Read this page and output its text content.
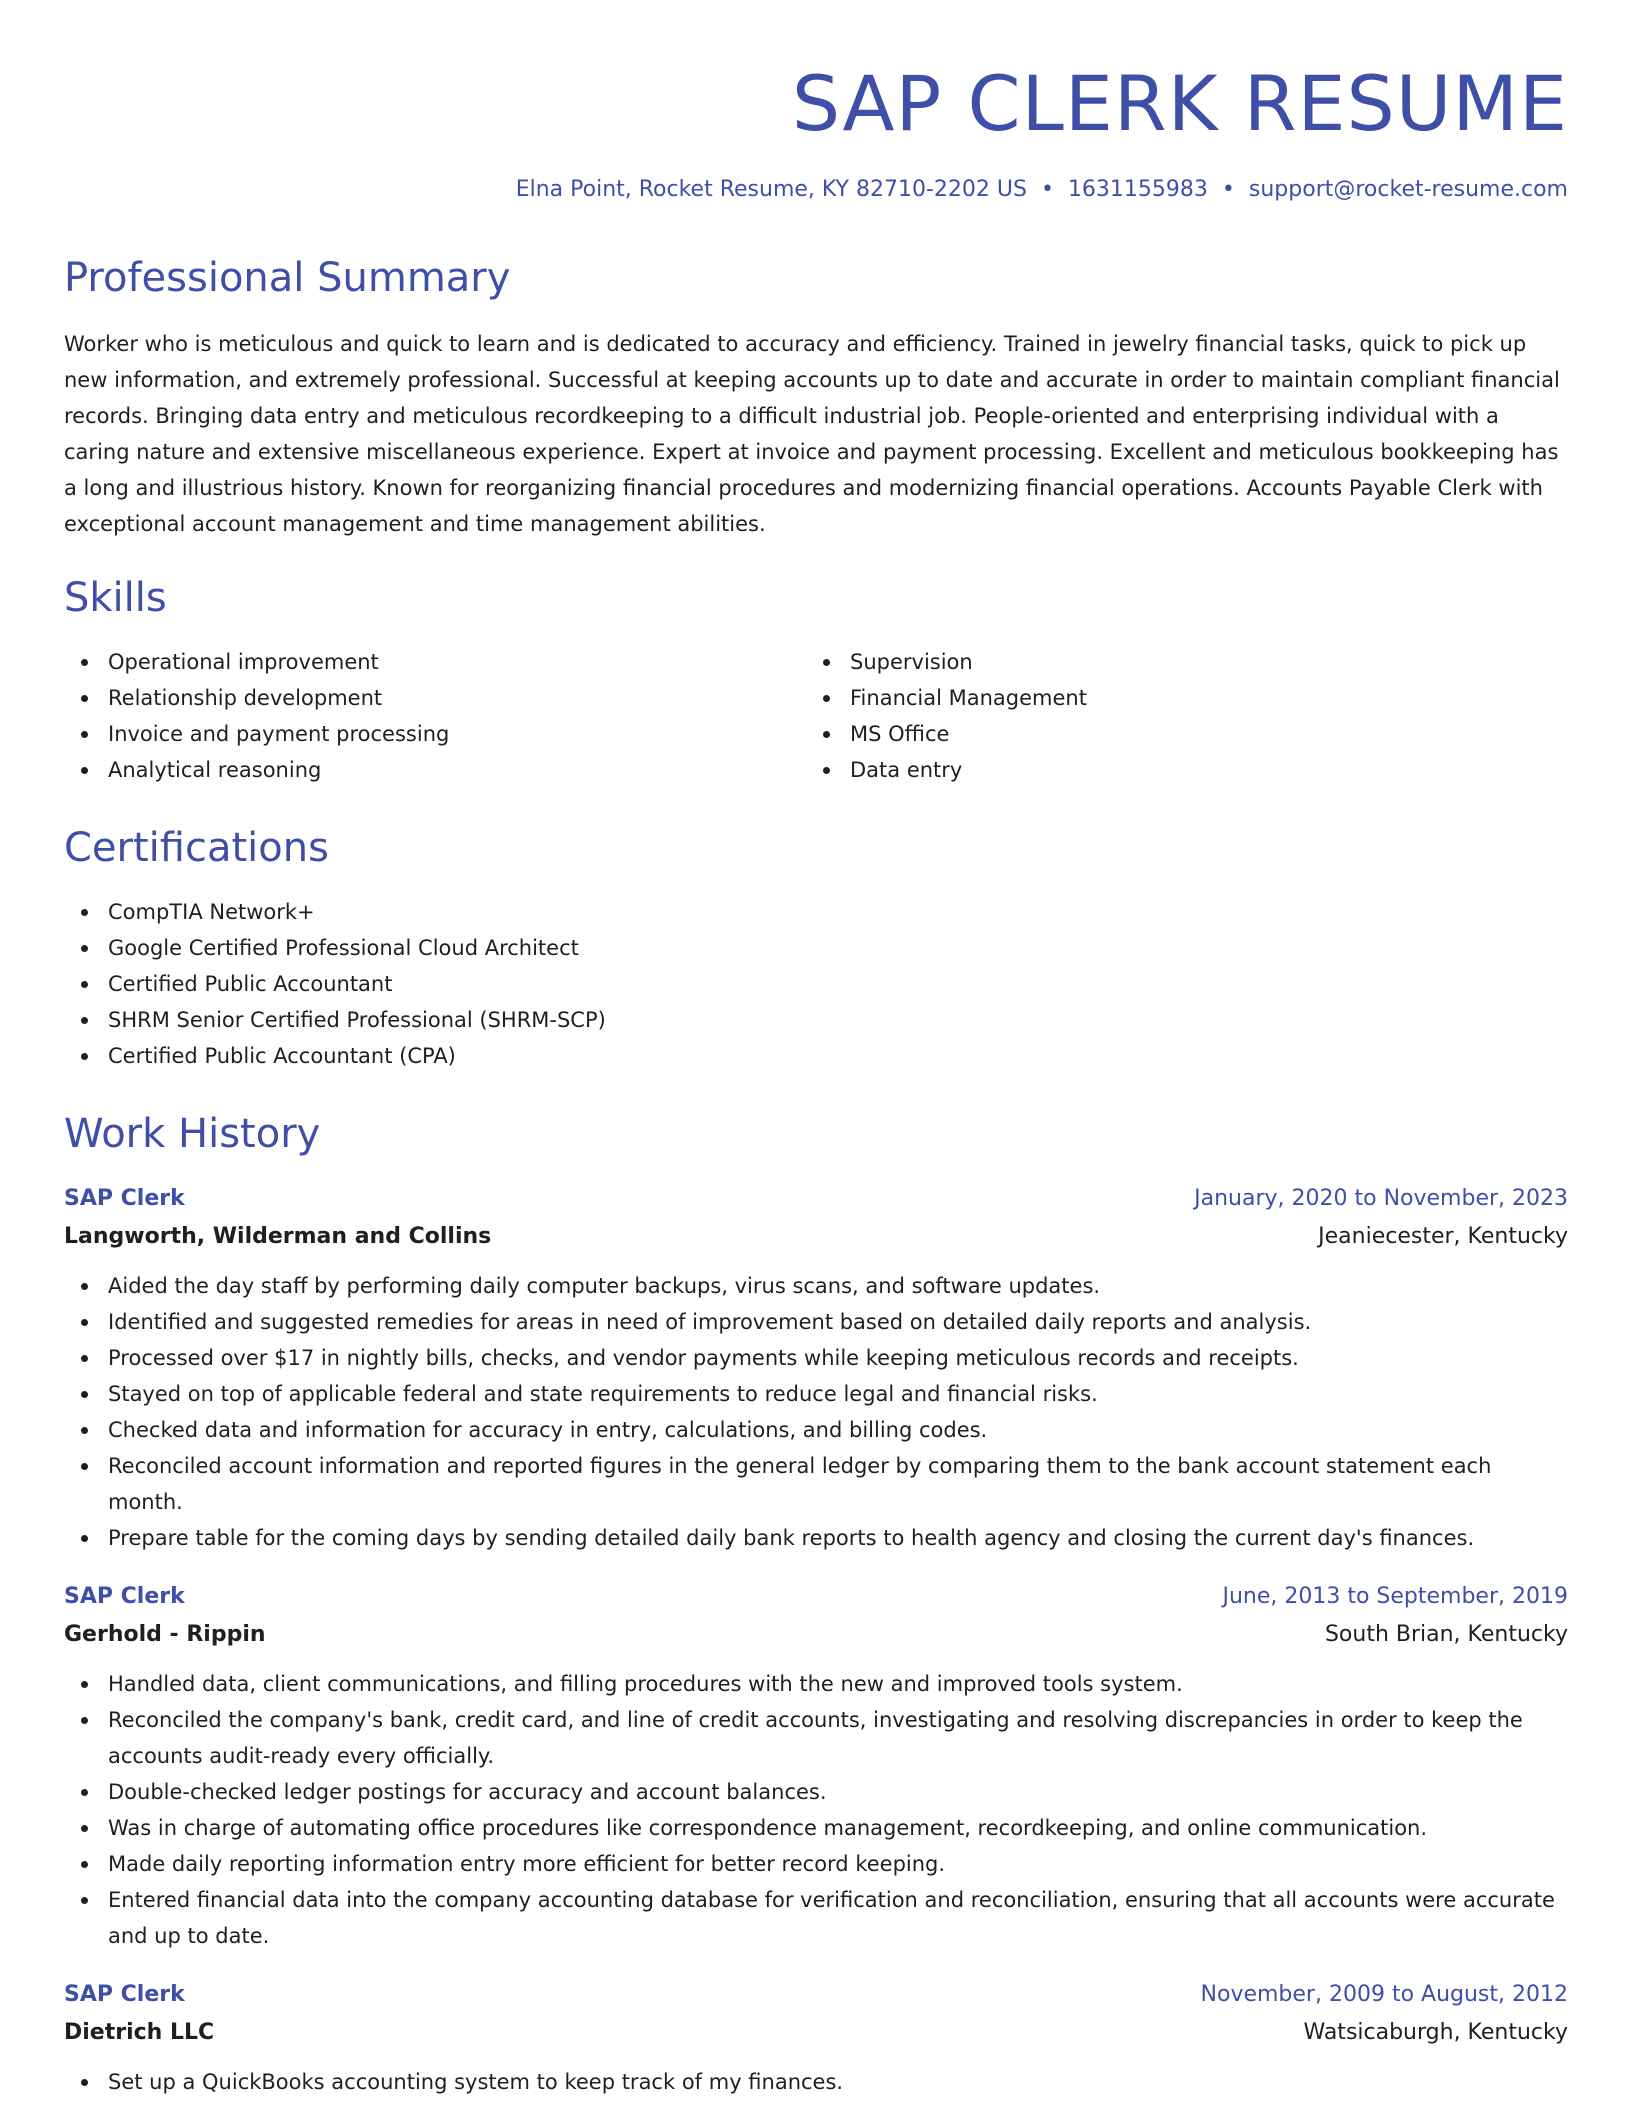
SAP CLERK RESUME
Elna Point, Rocket Resume, KY 82710-2202 US • 1631155983 • support@rocket-resume.com
Professional Summary

Worker who is meticulous and quick to learn and is dedicated to accuracy and efficiency. Trained in jewelry financial tasks, quick to pick up new information, and extremely professional. Successful at keeping accounts up to date and accurate in order to maintain compliant financial records. Bringing data entry and meticulous recordkeeping to a difficult industrial job. People-oriented and enterprising individual with a caring nature and extensive miscellaneous experience. Expert at invoice and payment processing. Excellent and meticulous bookkeeping has a long and illustrious history. Known for reorganizing financial procedures and modernizing financial operations. Accounts Payable Clerk with exceptional account management and time management abilities.

Skills
Operational improvement
Relationship development
Invoice and payment processing
Analytical reasoning
Supervision
Financial Management
MS Office
Data entry
Certifications
CompTIA Network+
Google Certified Professional Cloud Architect
Certified Public Accountant
SHRM Senior Certified Professional (SHRM-SCP)
Certified Public Accountant (CPA)
Work History
SAP Clerk	January, 2020 to November, 2023
Langworth, Wilderman and Collins	Jeaniecester, Kentucky
Aided the day staff by performing daily computer backups, virus scans, and software updates.
Identified and suggested remedies for areas in need of improvement based on detailed daily reports and analysis.
Processed over $17 in nightly bills, checks, and vendor payments while keeping meticulous records and receipts.
Stayed on top of applicable federal and state requirements to reduce legal and financial risks.
Checked data and information for accuracy in entry, calculations, and billing codes.
Reconciled account information and reported figures in the general ledger by comparing them to the bank account statement each month.
Prepare table for the coming days by sending detailed daily bank reports to health agency and closing the current day's finances.
SAP Clerk	June, 2013 to September, 2019
Gerhold - Rippin	South Brian, Kentucky
Handled data, client communications, and filling procedures with the new and improved tools system.
Reconciled the company's bank, credit card, and line of credit accounts, investigating and resolving discrepancies in order to keep the accounts audit-ready every officially.
Double-checked ledger postings for accuracy and account balances.
Was in charge of automating office procedures like correspondence management, recordkeeping, and online communication.
Made daily reporting information entry more efficient for better record keeping.
Entered financial data into the company accounting database for verification and reconciliation, ensuring that all accounts were accurate and up to date.
SAP Clerk	November, 2009 to August, 2012
Dietrich LLC	Watsicaburgh, Kentucky
Set up a QuickBooks accounting system to keep track of my finances.
